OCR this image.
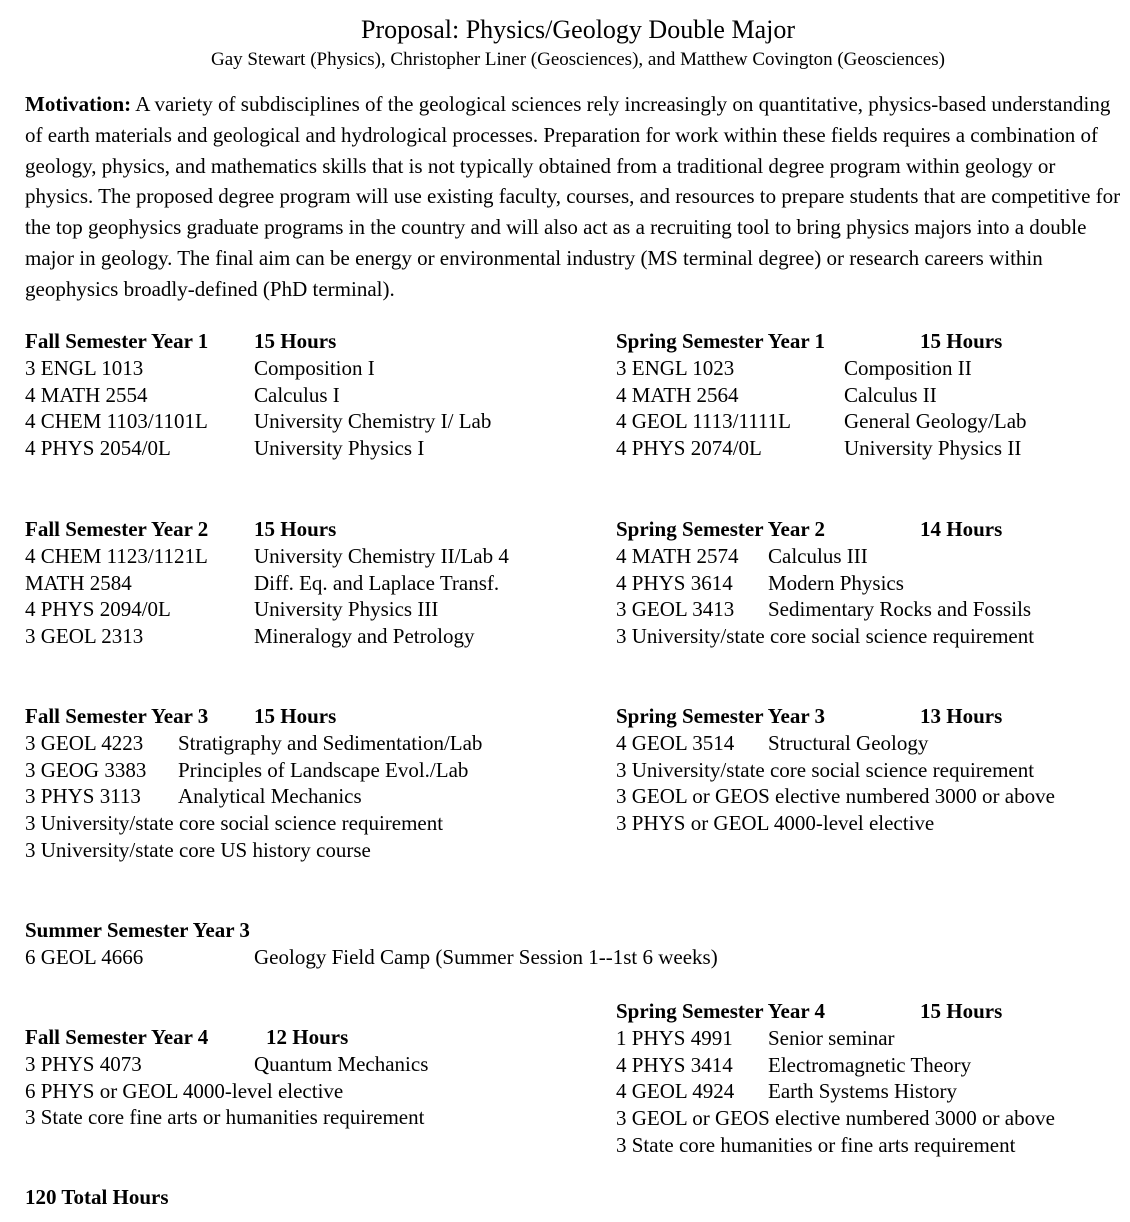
Proposal: Physics/Geology Double Major
Gay Stewart (Physics), Christopher Liner (Geosciences), and Matthew Covington (Geosciences)

Motivation: A variety of subdisciplines of the geological sciences rely increasingly on quantitative, physics-based understanding of earth materials and geological and hydrological processes. Preparation for work within these fields requires a combination of geology, physics, and mathematics skills that is not typically obtained from a traditional degree program within geology or physics. The proposed degree program will use existing faculty, courses, and resources to prepare students that are competitive for the top geophysics graduate programs in the country and will also act as a recruiting tool to bring physics majors into a double major in geology. The final aim can be energy or environmental industry (MS terminal degree) or research careers within geophysics broadly-defined (PhD terminal).

Fall Semester Year 1 15 Hours
3 ENGL 1013	Composition I
4 MATH 2554	Calculus I
4 CHEM 1103/1101L University Chemistry I/ Lab
4 PHYS 2054/0L	University Physics I
Spring Semester Year 1	15 Hours
3 ENGL 1023	Composition II
4 MATH 2564	Calculus II
4 GEOL 1113/1111L	General Geology/Lab
4 PHYS 2074/0L	University Physics II
Fall Semester Year 2 15 Hours
4 CHEM 1123/1121L University Chemistry II/Lab 4
MATH 2584	Diff. Eq. and Laplace Transf.
4 PHYS 2094/0L	University Physics III
3 GEOL 2313	Mineralogy and Petrology
Spring Semester Year 2	14 Hours
4 MATH 2574 Calculus III
4 PHYS 3614 Modern Physics
3 GEOL 3413 Sedimentary Rocks and Fossils
3 University/state core social science requirement
Fall Semester Year 3 15 Hours
3 GEOL 4223 Stratigraphy and Sedimentation/Lab
3 GEOG 3383 Principles of Landscape Evol./Lab
3 PHYS 3113 Analytical Mechanics
3 University/state core social science requirement
3 University/state core US history course
Spring Semester Year 3	13 Hours
4 GEOL 3514 Structural Geology
3 University/state core social science requirement
3 GEOL or GEOS elective numbered 3000 or above
3 PHYS or GEOL 4000-level elective
Summer Semester Year 3
6 GEOL 4666	Geology Field Camp (Summer Session 1--1st 6 weeks)
Fall Semester Year 4	12 Hours
3 PHYS 4073	Quantum Mechanics
6 PHYS or GEOL 4000-level elective
3 State core fine arts or humanities requirement
Spring Semester Year 4	15 Hours
1 PHYS 4991 Senior seminar
4 PHYS 3414 Electromagnetic Theory
4 GEOL 4924 Earth Systems History
3 GEOL or GEOS elective numbered 3000 or above
3 State core humanities or fine arts requirement
120 Total Hours
